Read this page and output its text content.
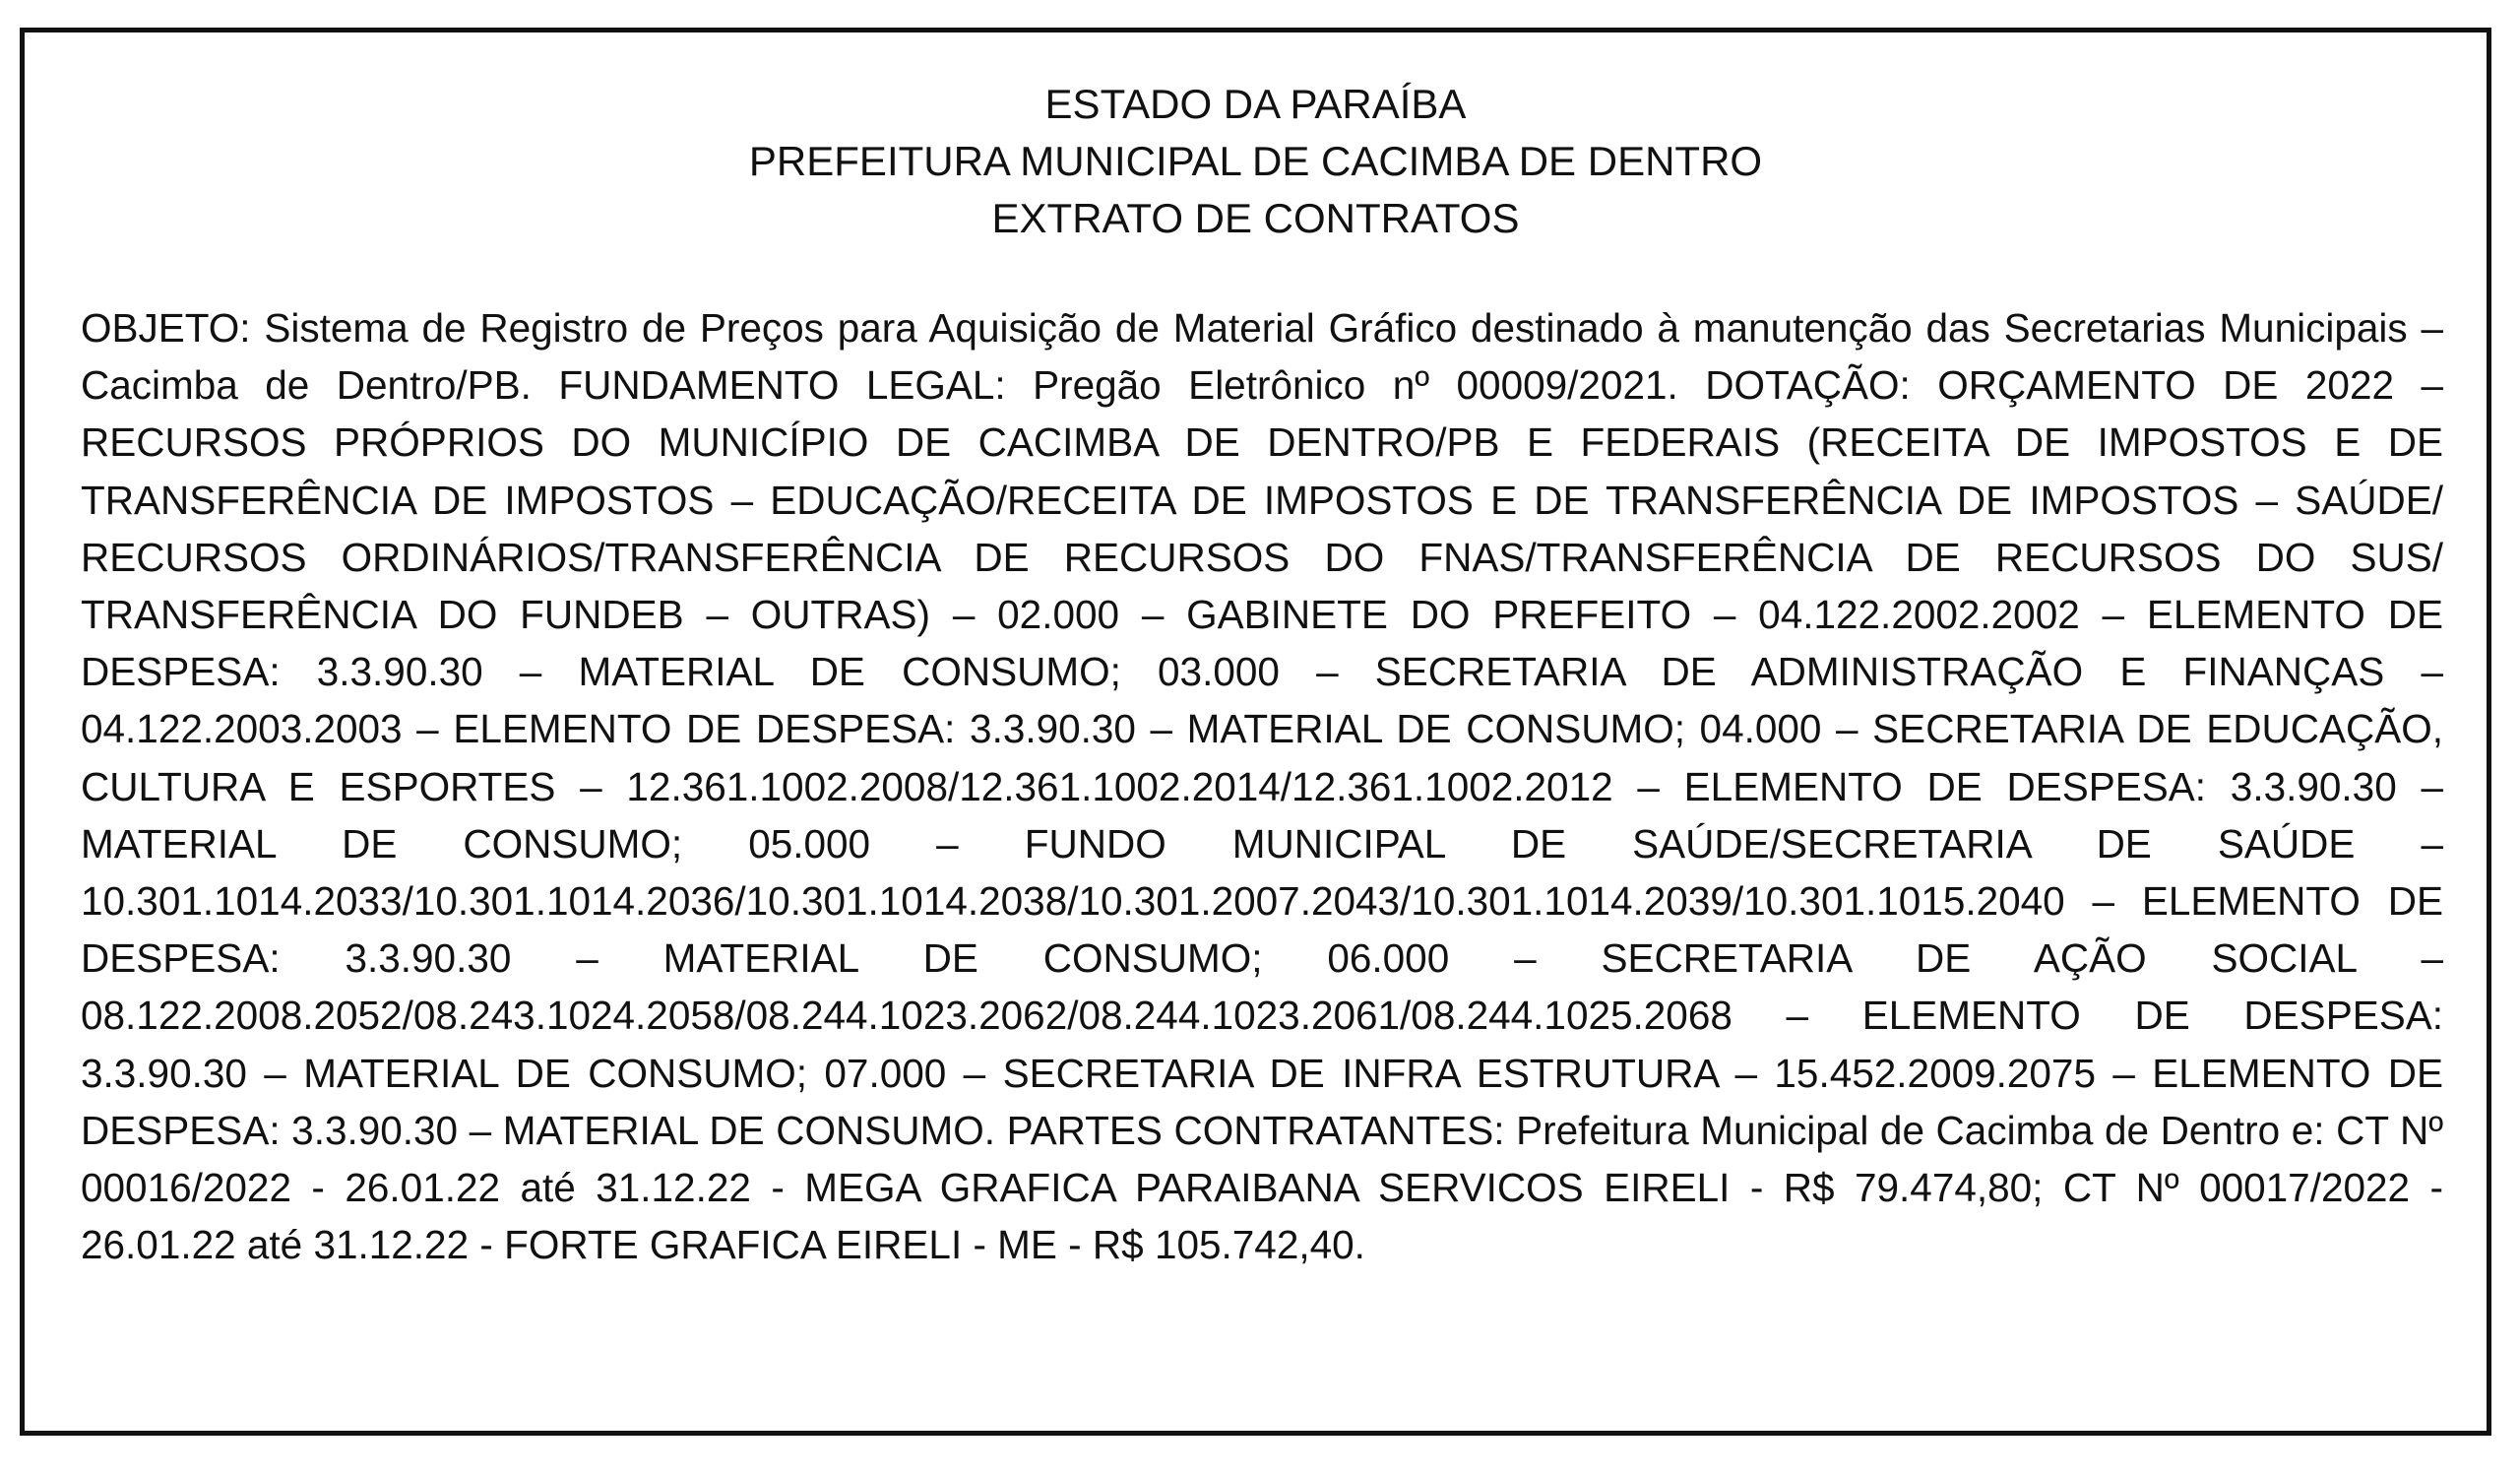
ESTADO DA PARAÍBA
PREFEITURA MUNICIPAL DE CACIMBA DE DENTRO
EXTRATO DE CONTRATOS

OBJETO: Sistema de Registro de Preços para Aquisição de Material Gráfico destinado à manutenção das Secretarias Municipais – Cacimba de Dentro/PB. FUNDAMENTO LEGAL: Pregão Eletrônico nº 00009/2021. DOTAÇÃO: ORÇAMENTO DE 2022 – RECURSOS PRÓPRIOS DO MUNICÍPIO DE CACIMBA DE DENTRO/PB E FEDERAIS (RECEITA DE IMPOSTOS E DE TRANSFERÊNCIA DE IMPOSTOS – EDUCAÇÃO/RECEITA DE IMPOSTOS E DE TRANSFERÊNCIA DE IMPOSTOS – SAÚDE/ RECURSOS ORDINÁRIOS/TRANSFERÊNCIA DE RECURSOS DO FNAS/TRANSFERÊNCIA DE RECURSOS DO SUS/ TRANSFERÊNCIA DO FUNDEB – OUTRAS) – 02.000 – GABINETE DO PREFEITO – 04.122.2002.2002 – ELEMENTO DE DESPESA: 3.3.90.30 – MATERIAL DE CONSUMO; 03.000 – SECRETARIA DE ADMINISTRAÇÃO E FINANÇAS – 04.122.2003.2003 – ELEMENTO DE DESPESA: 3.3.90.30 – MATERIAL DE CONSUMO; 04.000 – SECRETARIA DE EDUCAÇÃO, CULTURA E ESPORTES – 12.361.1002.2008/12.361.1002.2014/12.361.1002.2012 – ELEMENTO DE DESPESA: 3.3.90.30 – MATERIAL DE CONSUMO; 05.000 – FUNDO MUNICIPAL DE SAÚDE/SECRETARIA DE SAÚDE – 10.301.1014.2033/10.301.1014.2036/10.301.1014.2038/10.301.2007.2043/10.301.1014.2039/10.301.1015.2040 – ELEMENTO DE DESPESA: 3.3.90.30 – MATERIAL DE CONSUMO; 06.000 – SECRETARIA DE AÇÃO SOCIAL – 08.122.2008.2052/08.243.1024.2058/08.244.1023.2062/08.244.1023.2061/08.244.1025.2068 – ELEMENTO DE DESPESA: 3.3.90.30 – MATERIAL DE CONSUMO; 07.000 – SECRETARIA DE INFRA ESTRUTURA – 15.452.2009.2075 – ELEMENTO DE DESPESA: 3.3.90.30 – MATERIAL DE CONSUMO. PARTES CONTRATANTES: Prefeitura Municipal de Cacimba de Dentro e: CT Nº 00016/2022 - 26.01.22 até 31.12.22 - MEGA GRAFICA PARAIBANA SERVICOS EIRELI - R$ 79.474,80; CT Nº 00017/2022 - 26.01.22 até 31.12.22 - FORTE GRAFICA EIRELI - ME - R$ 105.742,40.
